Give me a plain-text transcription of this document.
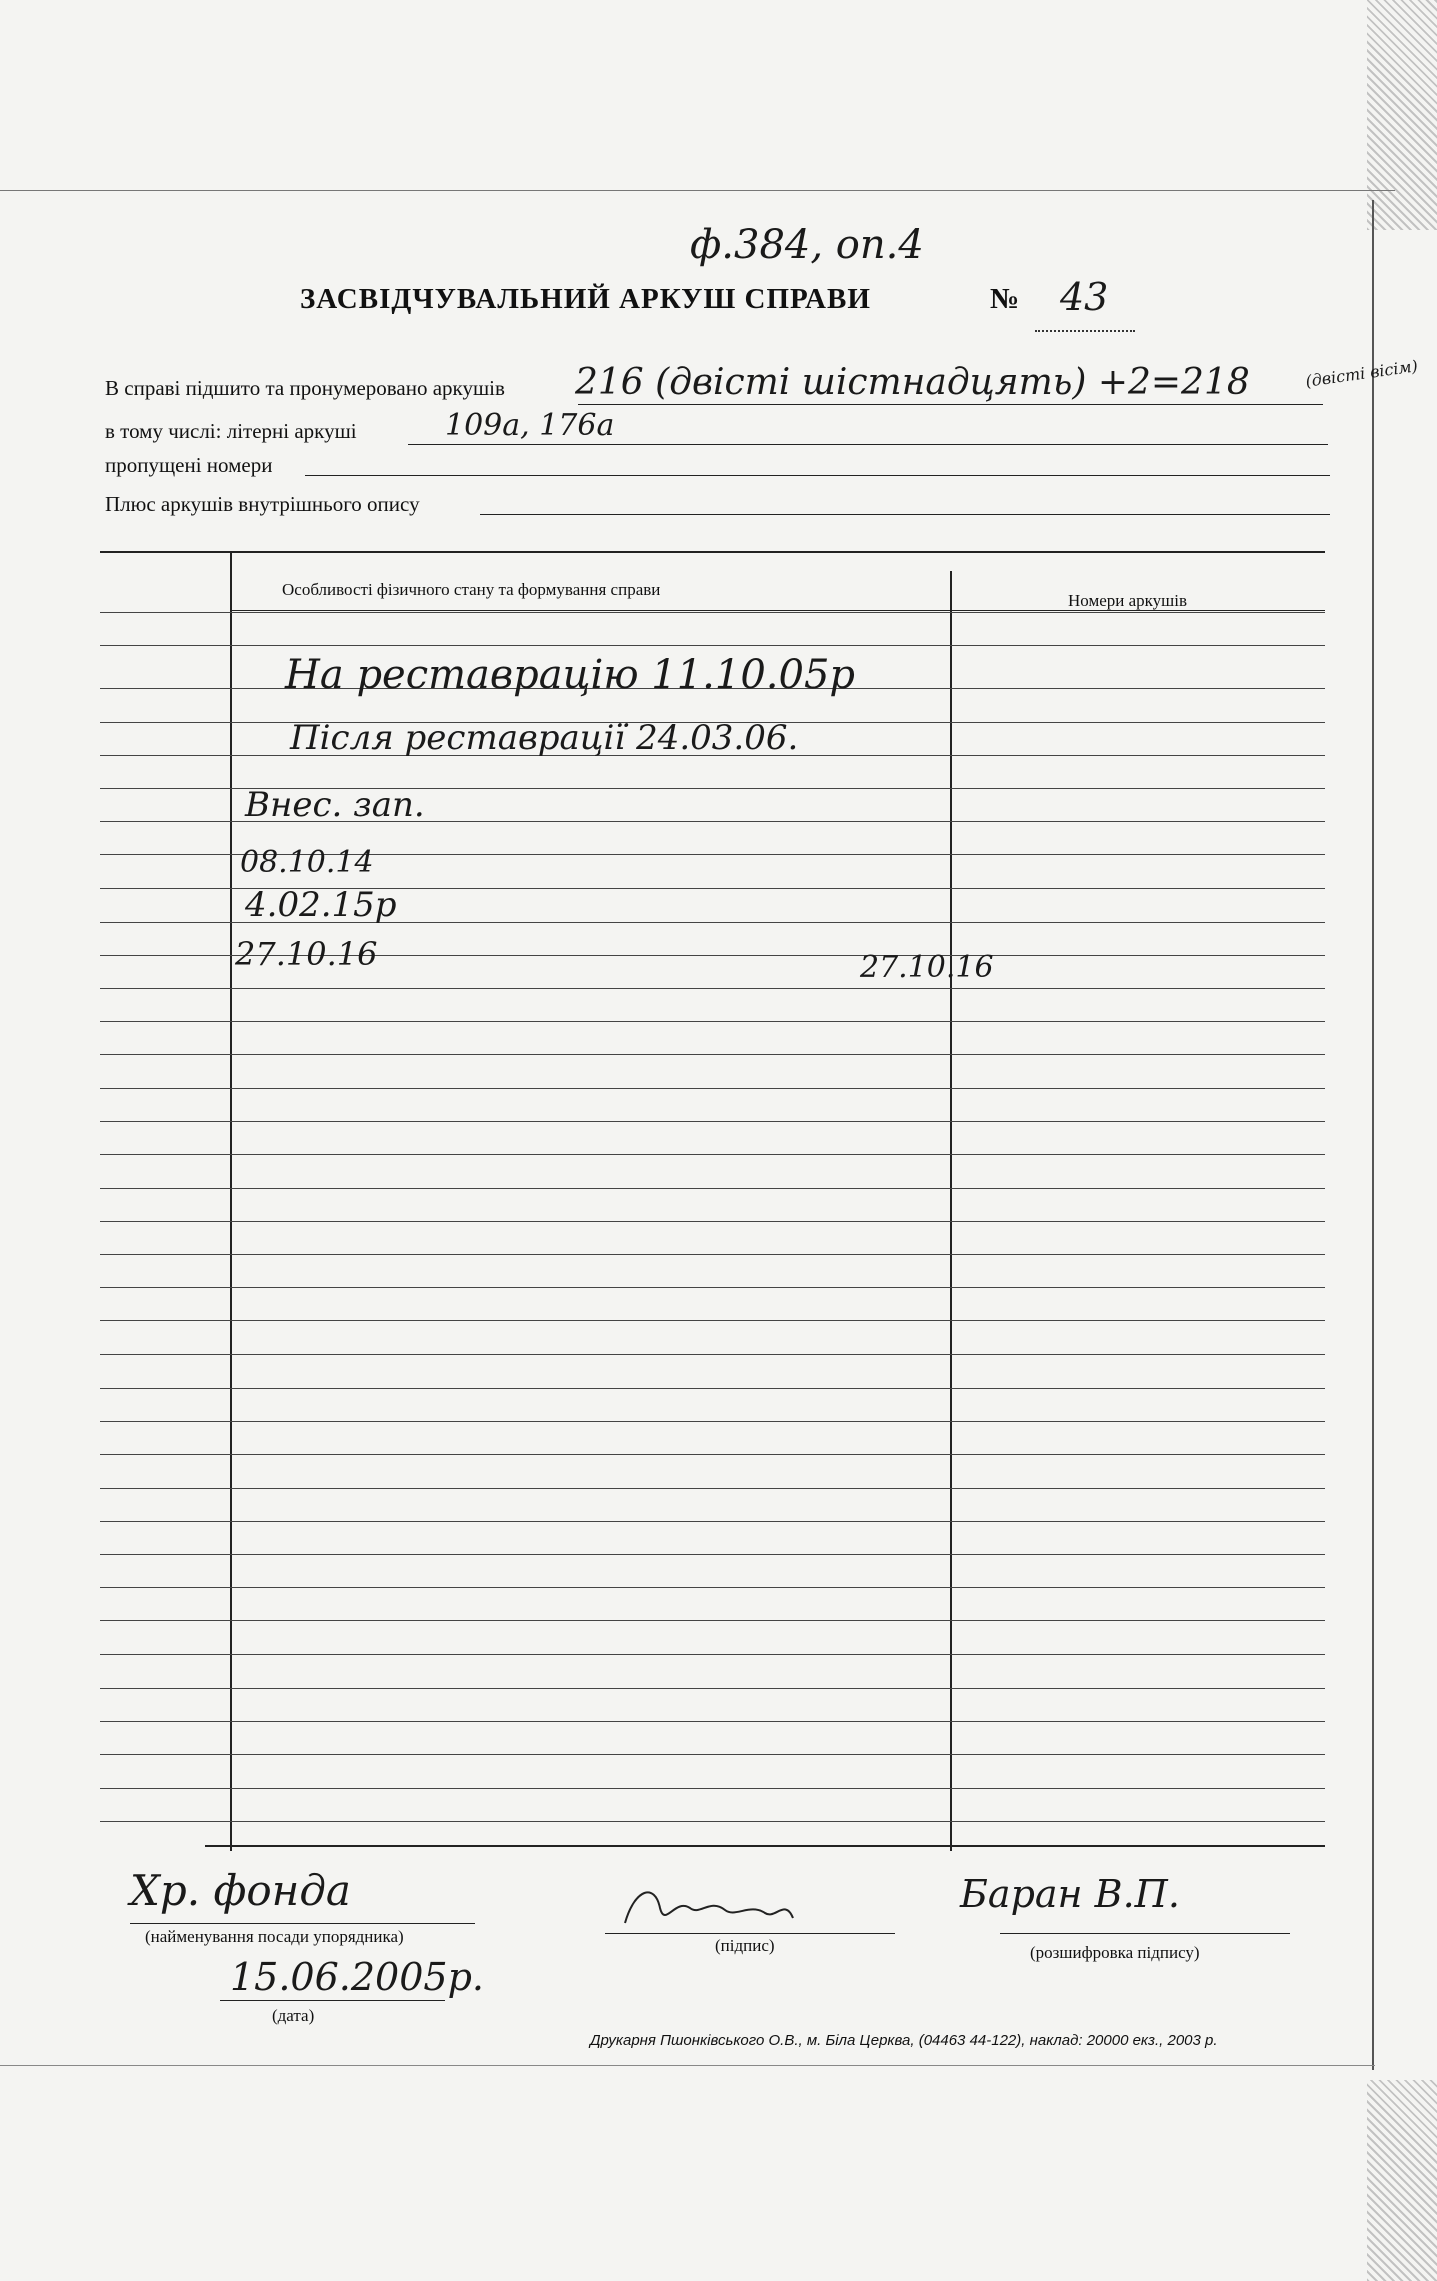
ф.384, оп.4
ЗАСВІДЧУВАЛЬНИЙ АРКУШ СПРАВИ	№ 43
В справі підшито та пронумеровано аркушів 216 (двісті шістнадцять) +2=218	(двісті вісім)
в тому числі: літерні аркуші	109а, 176а
пропущені номери
Плюс аркушів внутрішнього опису
Особливості фізичного стану та формування справи
Номери аркушів
На реставрацію 11.10.05р
Після реставрації 24.03.06.
Внес. зап.
08.10.14
4.02.15р
27.10.16	27.10.16
Хр. фонда
(найменування посади упорядника)	(підпис)
Баран В.П.
(розшифровка підпису)
15.06.2005р.
(дата)
Друкарня Пшонківського О.В., м. Біла Церква, (04463 44-122), наклад: 20000 екз., 2003 р.
